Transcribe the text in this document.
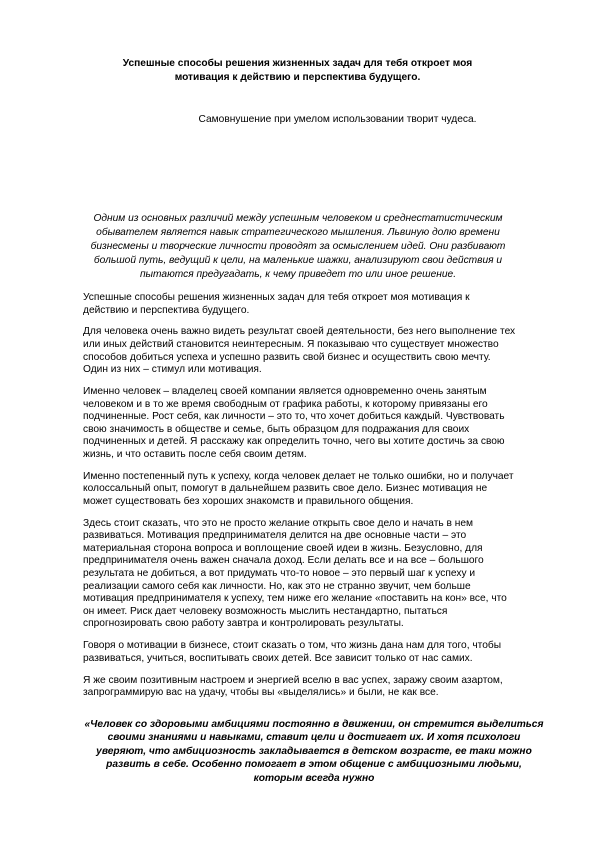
Успешные способы решения жизненных задач для тебя откроет моя мотивация к действию и перспектива будущего.
Самовнушение при умелом использовании творит чудеса.
Одним из основных различий между успешным человеком и среднестатистическим обывателем является навык стратегического мышления. Львиную долю времени бизнесмены и творческие личности проводят за осмыслением идей. Они разбивают большой путь, ведущий к цели, на маленькие шажки, анализируют свои действия и пытаются предугадать, к чему приведет то или иное решение.

Успешные способы решения жизненных задач для тебя откроет моя мотивация к действию и перспектива будущего.

Для человека очень важно видеть результат своей деятельности, без него выполнение тех или иных действий становится неинтересным. Я показываю что существует множество способов добиться успеха и успешно развить свой бизнес и осуществить свою мечту. Один из них – стимул или мотивация.

Именно человек – владелец своей компании является одновременно очень занятым человеком и в то же время свободным от графика работы, к которому привязаны его подчиненные. Рост себя, как личности – это то, что хочет добиться каждый. Чувствовать свою значимость в обществе и семье, быть образцом для подражания для своих подчиненных и детей. Я расскажу как определить точно, чего вы хотите достичь за свою жизнь, и что оставить после себя своим детям.

Именно постепенный путь к успеху, когда человек делает не только ошибки, но и получает колоссальный опыт, помогут в дальнейшем развить свое дело. Бизнес мотивация не может существовать без хороших знакомств и правильного общения.

Здесь стоит сказать, что это не просто желание открыть свое дело и начать в нем развиваться. Мотивация предпринимателя делится на две основные части – это материальная сторона вопроса и воплощение своей идеи в жизнь. Безусловно, для предпринимателя очень важен сначала доход. Если делать все и на все – большого результата не добиться, а вот придумать что-то новое – это первый шаг к успеху и реализации самого себя как личности. Но, как это не странно звучит, чем больше мотивация предпринимателя к успеху, тем ниже его желание «поставить на кон» все, что он имеет. Риск дает человеку возможность мыслить нестандартно, пытаться спрогнозировать свою работу завтра и контролировать результаты.

Говоря о мотивации в бизнесе, стоит сказать о том, что жизнь дана нам для того, чтобы развиваться, учиться, воспитывать своих детей. Все зависит только от нас самих.

Я же своим позитивным настроем и энергией вселю в вас успех, заражу своим азартом, запрограммирую вас на удачу, чтобы вы «выделялись» и были, не как все.

«Человек со здоровыми амбициями постоянно в движении, он стремится выделиться своими знаниями и навыками, ставит цели и достигает их. И хотя психологи уверяют, что амбициозность закладывается в детском возрасте, ее таки можно развить в себе. Особенно помогает в этом общение с амбициозными людьми, которым всегда нужно
